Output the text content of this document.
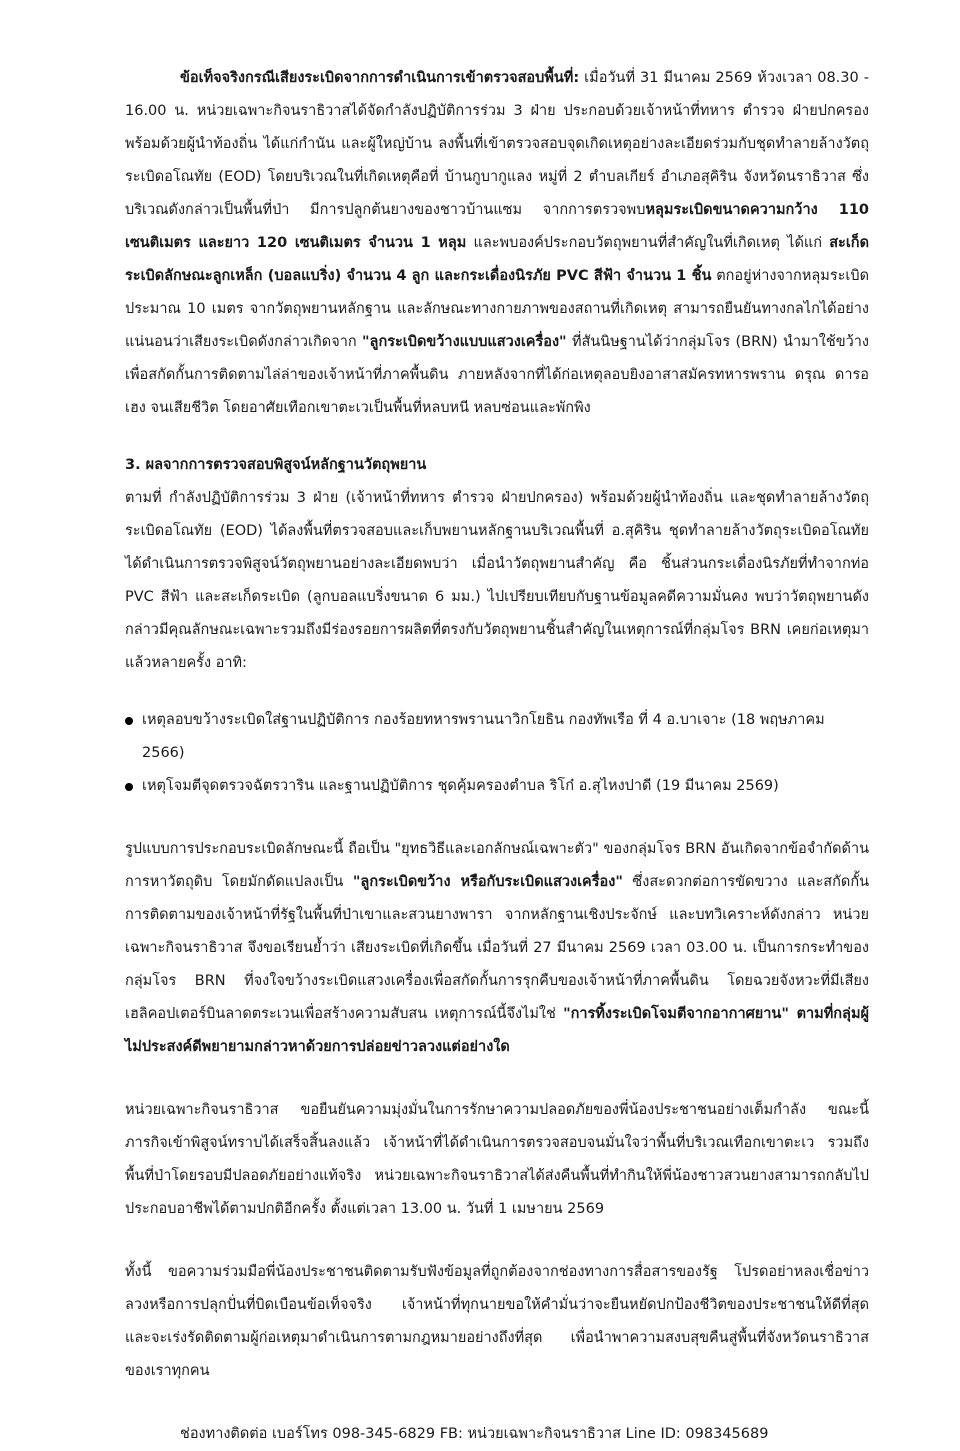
ข้อเท็จจริงกรณีเสียงระเบิดจากการดำเนินการเข้าตรวจสอบพื้นที่: เมื่อวันที่ 31 มีนาคม 2569 ห้วงเวลา 08.30 - 16.00 น. หน่วยเฉพาะกิจนราธิวาสได้จัดกำลังปฏิบัติการร่วม 3 ฝ่าย ประกอบด้วยเจ้าหน้าที่ทหาร ตำรวจ ฝ่ายปกครอง พร้อมด้วยผู้นำท้องถิ่น ได้แก่กำนัน และผู้ใหญ่บ้าน ลงพื้นที่เข้าตรวจสอบจุดเกิดเหตุอย่างละเอียดร่วมกับชุดทำลายล้างวัตถุระเบิดอโณทัย (EOD) โดยบริเวณในที่เกิดเหตุคือที่ บ้านกูบากูแลง หมู่ที่ 2 ตำบลเกียร์ อำเภอสุคิริน จังหวัดนราธิวาส ซึ่งบริเวณดังกล่าวเป็นพื้นที่ป่า มีการปลูกต้นยางของชาวบ้านแซม จากการตรวจพบหลุมระเบิดขนาดความกว้าง 110 เซนติเมตร และยาว 120 เซนติเมตร จำนวน 1 หลุม และพบองค์ประกอบวัตถุพยานที่สำคัญในที่เกิดเหตุ ได้แก่ สะเก็ดระเบิดลักษณะลูกเหล็ก (บอลแบริ่ง) จำนวน 4 ลูก และกระเดื่องนิรภัย PVC สีฟ้า จำนวน 1 ชิ้น ตกอยู่ห่างจากหลุมระเบิดประมาณ 10 เมตร จากวัตถุพยานหลักฐาน และลักษณะทางกายภาพของสถานที่เกิดเหตุ สามารถยืนยันทางกลไกได้อย่างแน่นอนว่าเสียงระเบิดดังกล่าวเกิดจาก "ลูกระเบิดขว้างแบบแสวงเครื่อง" ที่สันนิษฐานได้ว่ากลุ่มโจร (BRN) นำมาใช้ขว้างเพื่อสกัดกั้นการติดตามไล่ล่าของเจ้าหน้าที่ภาคพื้นดิน ภายหลังจากที่ได้ก่อเหตุลอบยิงอาสาสมัครทหารพราน ดรุณ ดารอเฮง จนเสียชีวิต โดยอาศัยเทือกเขาตะเวเป็นพื้นที่หลบหนี หลบซ่อนและพักพิง

3. ผลจากการตรวจสอบพิสูจน์หลักฐานวัตถุพยาน

ตามที่ กำลังปฏิบัติการร่วม 3 ฝ่าย (เจ้าหน้าที่ทหาร ตำรวจ ฝ่ายปกครอง) พร้อมด้วยผู้นำท้องถิ่น และชุดทำลายล้างวัตถุระเบิดอโณทัย (EOD) ได้ลงพื้นที่ตรวจสอบและเก็บพยานหลักฐานบริเวณพื้นที่ อ.สุคิริน ชุดทำลายล้างวัตถุระเบิดอโณทัยได้ดำเนินการตรวจพิสูจน์วัตถุพยานอย่างละเอียดพบว่า เมื่อนำวัตถุพยานสำคัญ คือ ชิ้นส่วนกระเดื่องนิรภัยที่ทำจากท่อ PVC สีฟ้า และสะเก็ดระเบิด (ลูกบอลแบริ่งขนาด 6 มม.) ไปเปรียบเทียบกับฐานข้อมูลคดีความมั่นคง พบว่าวัตถุพยานดังกล่าวมีคุณลักษณะเฉพาะรวมถึงมีร่องรอยการผลิตที่ตรงกับวัตถุพยานชิ้นสำคัญในเหตุการณ์ที่กลุ่มโจร BRN เคยก่อเหตุมาแล้วหลายครั้ง อาทิ:

เหตุลอบขว้างระเบิดใส่ฐานปฏิบัติการ กองร้อยทหารพรานนาวิกโยธิน กองทัพเรือ ที่ 4 อ.บาเจาะ (18 พฤษภาคม 2566)
เหตุโจมตีจุดตรวจฉัตรวาริน และฐานปฏิบัติการ ชุดคุ้มครองตำบล ริโก๋ อ.สุไหงปาดี (19 มีนาคม 2569)

รูปแบบการประกอบระเบิดลักษณะนี้ ถือเป็น "ยุทธวิธีและเอกลักษณ์เฉพาะตัว" ของกลุ่มโจร BRN อันเกิดจากข้อจำกัดด้านการหาวัตถุดิบ โดยมักดัดแปลงเป็น "ลูกระเบิดขว้าง หรือกับระเบิดแสวงเครื่อง" ซึ่งสะดวกต่อการขัดขวาง และสกัดกั้นการติดตามของเจ้าหน้าที่รัฐในพื้นที่ป่าเขาและสวนยางพารา จากหลักฐานเชิงประจักษ์ และบทวิเคราะห์ดังกล่าว หน่วยเฉพาะกิจนราธิวาส จึงขอเรียนย้ำว่า เสียงระเบิดที่เกิดขึ้น เมื่อวันที่ 27 มีนาคม 2569 เวลา 03.00 น. เป็นการกระทำของกลุ่มโจร BRN ที่จงใจขว้างระเบิดแสวงเครื่องเพื่อสกัดกั้นการรุกคืบของเจ้าหน้าที่ภาคพื้นดิน โดยฉวยจังหวะที่มีเสียงเฮลิคอปเตอร์บินลาดตระเวนเพื่อสร้างความสับสน เหตุการณ์นี้จึงไม่ใช่ "การทิ้งระเบิดโจมตีจากอากาศยาน" ตามที่กลุ่มผู้ไม่ประสงค์ดีพยายามกล่าวหาด้วยการปล่อยข่าวลวงแต่อย่างใด

หน่วยเฉพาะกิจนราธิวาส ขอยืนยันความมุ่งมั่นในการรักษาความปลอดภัยของพี่น้องประชาชนอย่างเต็มกำลัง ขณะนี้ภารกิจเข้าพิสูจน์ทราบได้เสร็จสิ้นลงแล้ว เจ้าหน้าที่ได้ดำเนินการตรวจสอบจนมั่นใจว่าพื้นที่บริเวณเทือกเขาตะเว รวมถึงพื้นที่ป่าโดยรอบมีปลอดภัยอย่างแท้จริง หน่วยเฉพาะกิจนราธิวาสได้ส่งคืนพื้นที่ทำกินให้พี่น้องชาวสวนยางสามารถกลับไปประกอบอาชีพได้ตามปกติอีกครั้ง ตั้งแต่เวลา 13.00 น. วันที่ 1 เมษายน 2569

ทั้งนี้ ขอความร่วมมือพี่น้องประชาชนติดตามรับฟังข้อมูลที่ถูกต้องจากช่องทางการสื่อสารของรัฐ โปรดอย่าหลงเชื่อข่าวลวงหรือการปลุกปั่นที่บิดเบือนข้อเท็จจริง เจ้าหน้าที่ทุกนายขอให้คำมั่นว่าจะยืนหยัดปกป้องชีวิตของประชาชนให้ดีที่สุด และจะเร่งรัดติดตามผู้ก่อเหตุมาดำเนินการตามกฎหมายอย่างถึงที่สุด เพื่อนำพาความสงบสุขคืนสู่พื้นที่จังหวัดนราธิวาสของเราทุกคน

ช่องทางติดต่อ เบอร์โทร 098-345-6829 FB: หน่วยเฉพาะกิจนราธิวาส Line ID: 098345689
